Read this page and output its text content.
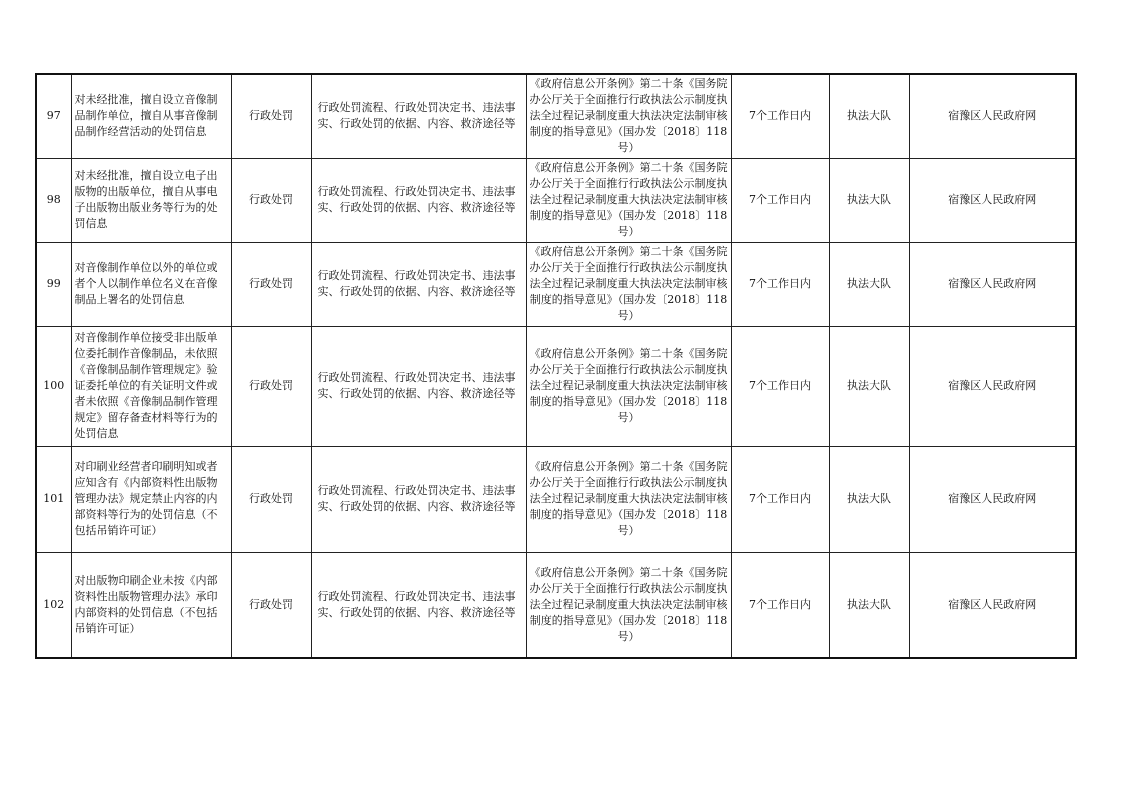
97	对未经批准，擅自设立音像制品制作单位，擅自从事音像制品制作经营活动的处罚信息	行政处罚	行政处罚流程、行政处罚决定书、违法事实、行政处罚的依据、内容、救济途径等	《政府信息公开条例》第二十条《国务院办公厅关于全面推行行政执法公示制度执法全过程记录制度重大执法决定法制审核制度的指导意见》（国办发〔2018〕118号）	7个工作日内	执法大队	宿豫区人民政府网
98	对未经批准，擅自设立电子出版物的出版单位，擅自从事电子出版物出版业务等行为的处罚信息	行政处罚	行政处罚流程、行政处罚决定书、违法事实、行政处罚的依据、内容、救济途径等	《政府信息公开条例》第二十条《国务院办公厅关于全面推行行政执法公示制度执法全过程记录制度重大执法决定法制审核制度的指导意见》（国办发〔2018〕118号）	7个工作日内	执法大队	宿豫区人民政府网
99	对音像制作单位以外的单位或者个人以制作单位名义在音像制品上署名的处罚信息	行政处罚	行政处罚流程、行政处罚决定书、违法事实、行政处罚的依据、内容、救济途径等	《政府信息公开条例》第二十条《国务院办公厅关于全面推行行政执法公示制度执法全过程记录制度重大执法决定法制审核制度的指导意见》（国办发〔2018〕118号）	7个工作日内	执法大队	宿豫区人民政府网
100	对音像制作单位接受非出版单位委托制作音像制品，未依照《音像制品制作管理规定》验证委托单位的有关证明文件或者未依照《音像制品制作管理规定》留存备查材料等行为的处罚信息	行政处罚	行政处罚流程、行政处罚决定书、违法事实、行政处罚的依据、内容、救济途径等	《政府信息公开条例》第二十条《国务院办公厅关于全面推行行政执法公示制度执法全过程记录制度重大执法决定法制审核制度的指导意见》（国办发〔2018〕118号）	7个工作日内	执法大队	宿豫区人民政府网
101	对印刷业经营者印刷明知或者应知含有《内部资料性出版物管理办法》规定禁止内容的内部资料等行为的处罚信息（不包括吊销许可证）	行政处罚	行政处罚流程、行政处罚决定书、违法事实、行政处罚的依据、内容、救济途径等	《政府信息公开条例》第二十条《国务院办公厅关于全面推行行政执法公示制度执法全过程记录制度重大执法决定法制审核制度的指导意见》（国办发〔2018〕118号）	7个工作日内	执法大队	宿豫区人民政府网
102	对出版物印刷企业未按《内部资料性出版物管理办法》承印内部资料的处罚信息（不包括吊销许可证）	行政处罚	行政处罚流程、行政处罚决定书、违法事实、行政处罚的依据、内容、救济途径等	《政府信息公开条例》第二十条《国务院办公厅关于全面推行行政执法公示制度执法全过程记录制度重大执法决定法制审核制度的指导意见》（国办发〔2018〕118号）	7个工作日内	执法大队	宿豫区人民政府网
